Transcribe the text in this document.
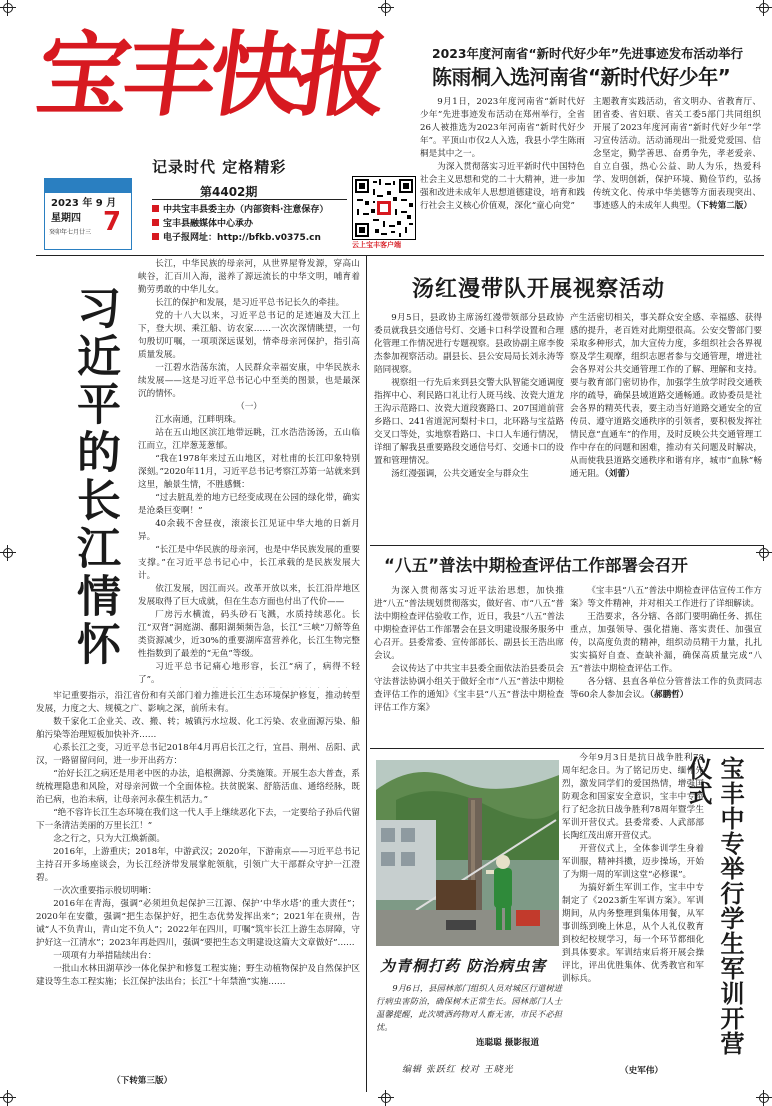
宝丰快报
记录时代 定格精彩
2023 年 9 月
星期四
癸卯年七月廿三 7
第4402期
中共宝丰县委主办（内部资料·注意保存）
宝丰县融媒体中心承办
电子报网址：http://bfkb.v0375.cn
云上宝丰客户端
2023年度河南省“新时代好少年”先进事迹发布活动举行
陈雨桐入选河南省“新时代好少年”

9月1日，2023年度河南省“新时代好少年”先进事迹发布活动在郑州举行，全省26人被推选为2023年河南省“新时代好少年”。平顶山市仅2人入选，我县小学生陈雨桐是其中之一。

为深入贯彻落实习近平新时代中国特色社会主义思想和党的二十大精神，进一步加强和改进未成年人思想道德建设，培育和践行社会主义核心价值观，深化“童心向党”

主题教育实践活动，省文明办、省教育厅、团省委、省妇联、省关工委5部门共同组织开展了2023年度河南省“新时代好少年”学习宣传活动。活动涌现出一批爱党爱国、信念坚定，勤学善思、奋勇争先，孝老爱亲、自立自强，热心公益、助人为乐，热爱科学、发明创新，保护环境、勤俭节约，弘扬传统文化、传承中华美德等方面表现突出、事迹感人的未成年人典型。（下转第二版）
习近平的长江情怀

长江，中华民族的母亲河，从世界屋脊发源，穿高山峡谷，汇百川入海，滋养了源远流长的中华文明，哺育着勤劳勇敢的中华儿女。

长江的保护和发展，是习近平总书记长久的牵挂。

党的十八大以来，习近平总书记的足迹遍及大江上下，登大坝、乘江船、访农家……一次次深情眺望，一句句殷切叮嘱，一项项深远谋划，情牵母亲河保护，指引高质量发展。

一江碧水浩荡东流，人民群众幸福安康，中华民族永续发展——这是习近平总书记心中至美的图景，也是最深沉的情怀。

（一）

江水南通，江畔明珠。

站在五山地区滨江地带远眺，江水浩浩汤汤，五山临江而立，江岸葱茏葱郁。

“我在1978年来过五山地区，对杜甫的长江印象特别深刻。”2020年11月，习近平总书记考察江苏第一站就来到这里，触景生情，不胜感慨：

“过去脏乱差的地方已经变成现在公园的绿化带，确实是沧桑巨变啊！”

40余载不舍昼夜，滚滚长江见证中华大地的日新月异。

“长江是中华民族的母亲河，也是中华民族发展的重要支撑。”在习近平总书记心中，长江承载的是民族发展大计。

依江发展，因江而兴。改革开放以来，长江沿岸地区发展取得了巨大成就，但在生态方面也付出了代价——

厂房污水横流，码头砂石飞溅，水质持续恶化。长江“双肾”洞庭湖、鄱阳湖频频告急，长江“三峡”刀鲚等鱼类资源减少，近30%的重要湖库富营养化，长江生物完整性指数到了最差的“无鱼”等级。

习近平总书记痛心地形容，长江“病了，病得不轻了”。

牢记重要指示，沿江省份和有关部门着力推进长江生态环境保护修复，推动转型发展，力度之大、规模之广、影响之深，前所未有。

数千家化工企业关、改、搬、转；城镇污水垃圾、化工污染、农业面源污染、船舶污染等治理短板加快补齐……

心系长江之变，习近平总书记2018年4月再启长江之行，宜昌、荆州、岳阳、武汉，一路留留问问，进一步开出药方：

“治好长江之病还是用老中医的办法，追根溯源、分类施策。开展生态大普查，系统梳理隐患和风险，对母亲河做一个全面体检。扶贫脱案、舒筋活血、通络经脉，既治已病，也治未病，让母亲河永葆生机活力。”

“绝不容许长江生态环境在我们这一代人手上继续恶化下去，一定要给子孙后代留下一条清洁美丽的万里长江！”

念之行之，只为大江焕新颜。

2016年，上游重庆；2018年，中游武汉；2020年，下游南京——习近平总书记主持召开多场座谈会，为长江经济带发展掌舵领航，引领广大干部群众守护一江澄碧。

一次次重要指示殷切明晰：

2016年在青海，强调“必须坦负起保护三江源、保护‘中华水塔’的重大责任”；2020年在安徽，强调“把生态保护好，把生态优势发挥出来”；2021年在贵州，告诫“人不负青山，青山定不负人”；2022年在四川，叮嘱“筑牢长江上游生态屏障，守护好这一江清水”；2023年再赴四川，强调“要把生态文明建设这篇大文章做好”……

一项项有力举措陆续出台：

一批山水林田湖草沙一体化保护和修复工程实施；野生动植物保护及自然保护区建设等生态工程实施；长江保护法出台；长江“十年禁渔”实施……

（下转第三版）
汤红漫带队开展视察活动

9月5日，县政协主席汤红漫带领部分县政协委员就我县交通信号灯、交通卡口科学设置和合理化管理工作情况进行专题视察。县政协副主席李俊杰参加视察活动。副县长、县公安局局长刘永涛等陪同视察。

视察组一行先后来到县交警大队智能交通调度指挥中心、利民路口礼让行人斑马线、汝瓷大道龙王沟示范路口、汝瓷大道段赛路口、207国道前营乡路口、241省道泥河梨村卡口，北环路与宝益路交叉口等处，实地察看路口、卡口人车通行情况，详细了解我县重要路段交通信号灯、交通卡口的设置和管理情况。

汤红漫强调，公共交通安全与群众生

产生活密切相关，事关群众安全感、幸福感、获得感的提升，老百姓对此期望很高。公安交警部门要采取多种形式，加大宣传力度，多组织社会各界视察及学生观摩，组织志愿者参与交通管理，增进社会各界对公共交通管理工作的了解、理解和支持。要与教育部门密切协作，加强学生放学时段交通秩序的疏导，确保县域道路交通畅通。政协委员是社会各界的精英代表，要主动当好道路交通安全的宣传员、遵守道路交通秩序的引领者，要积极发挥社情民意“直通车”的作用，及时反映公共交通管理工作中存在的问题和困难，推动有关问题及时解决，从而使我县道路交通秩序和谐有序，城市“血脉”畅通无阻。（刘蕾）
“八五”普法中期检查评估工作部署会召开

为深入贯彻落实习近平法治思想，加快推进“八五”普法规划贯彻落实，做好省、市“八五”普法中期检查评估验收工作，近日，我县“八五”普法中期检查评估工作部署会在县文明建设服务服务中心召开。县委常委、宣传部部长、副县长王浩出席会议。

会议传达了中共宝丰县委全面依法治县委员会守法普法协调小组关于做好全市“八五”普法中期检查评估工作的通知》《宝丰县“八五”普法中期检查评估工作方案》

《宝丰县“八五”普法中期检查评估宣传工作方案》等文件精神，并对相关工作进行了详细解读。

王浩要求，各分辖、各部门要明确任务、抓住重点，加强领导、强化措施、落实责任、加强宣传，以高度负责的精神，组织动员精干力量，扎扎实实搞好自查、查缺补漏，确保高质量完成“八五”普法中期检查评估工作。

各分辖、县直各单位分管普法工作的负责同志等60余人参加会议。（郝鹏哲）

为青桐打药 防治病虫害
9月6日，县园林部门组织人员对城区行道树进行病虫害防治，确保树木正常生长。园林部门人士温馨提醒，此次喷洒药物对人畜无害，市民不必担忧。
连聪聪 摄影报道

今年9月3日是抗日战争胜利78周年纪念日。为了铭记历史、缅怀先烈，激发同学们的爱国热情，增强国防观念和国家安全意识，宝丰中专举行了纪念抗日战争胜利78周年暨学生军训开营仪式。县委常委、人武部部长陶红茂出席开营仪式。

开营仪式上，全体参训学生身着军训服，精神抖擞，迈步操场，开始了为期一周的军训这堂“必修课”。

为搞好新生军训工作，宝丰中专制定了《2023新生军训方案》。军训期间，从内务整理到集体用餐，从军事训练到晚上休息，从个人礼仪教育到校纪校规学习，每一个环节都细化到具体要求。军训结束后将开展会操评比，评出优胜集体、优秀教官和军训标兵。

（史军伟）
宝丰中专举行学生军训开营仪式
编辑 张跃红 校对 王晓光
